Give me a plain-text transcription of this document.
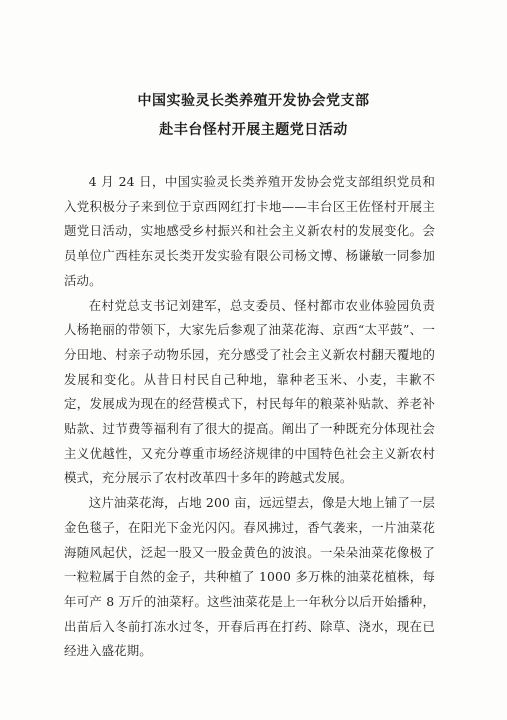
中国实验灵长类养殖开发协会党支部
赴丰台怪村开展主题党日活动

4 月 24 日，中国实验灵长类养殖开发协会党支部组织党员和入党积极分子来到位于京西网红打卡地——丰台区王佐怪村开展主题党日活动，实地感受乡村振兴和社会主义新农村的发展变化。会员单位广西桂东灵长类开发实验有限公司杨文博、杨谦敏一同参加活动。

在村党总支书记刘建军，总支委员、怪村都市农业体验园负责人杨艳丽的带领下，大家先后参观了油菜花海、京西“太平鼓”、一分田地、村亲子动物乐园，充分感受了社会主义新农村翻天覆地的发展和变化。从昔日村民自己种地，靠种老玉米、小麦，丰歉不定，发展成为现在的经营模式下，村民每年的粮菜补贴款、养老补贴款、过节费等福利有了很大的提高。阐出了一种既充分体现社会主义优越性，又充分尊重市场经济规律的中国特色社会主义新农村模式，充分展示了农村改革四十多年的跨越式发展。

这片油菜花海，占地 200 亩，远远望去，像是大地上铺了一层金色毯子，在阳光下金光闪闪。春风拂过，香气袭来，一片油菜花海随风起伏，泛起一股又一股金黄色的波浪。一朵朵油菜花像极了一粒粒属于自然的金子，共种植了 1000 多万株的油菜花植株，每年可产 8 万斤的油菜籽。这些油菜花是上一年秋分以后开始播种，出苗后入冬前打冻水过冬，开春后再在打药、除草、浇水，现在已经进入盛花期。
